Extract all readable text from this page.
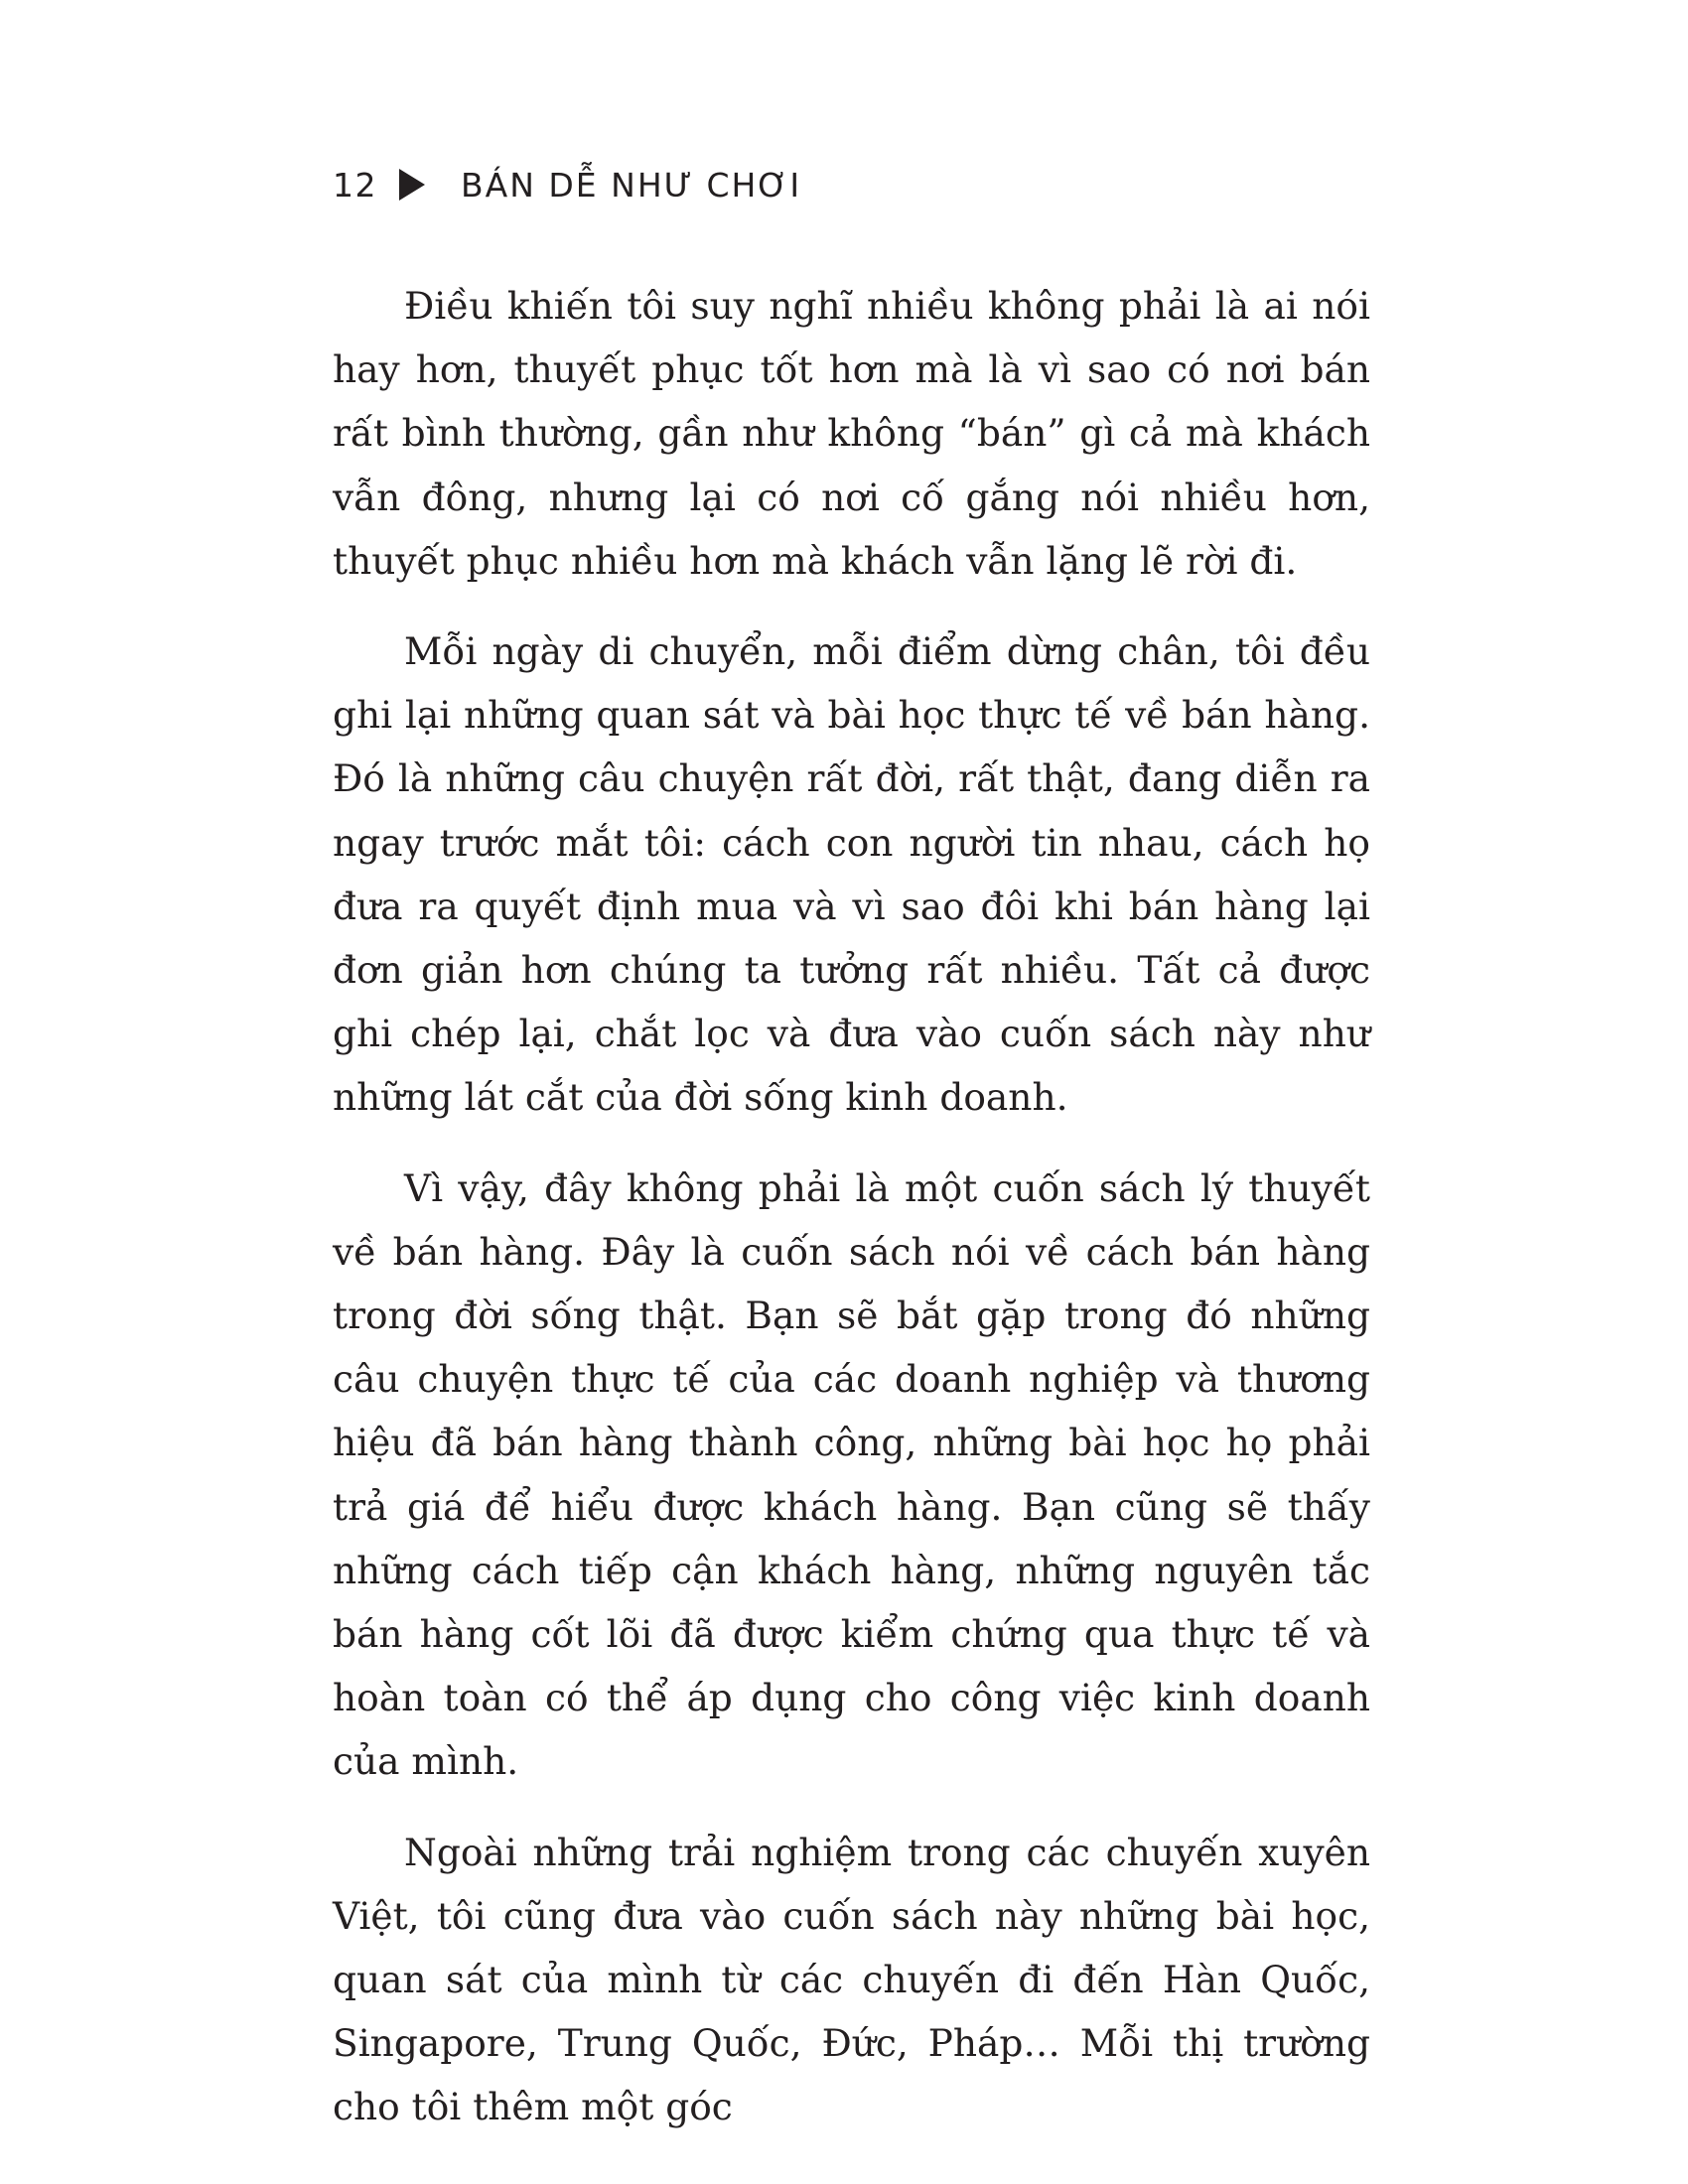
12	BÁN DỄ NHƯ CHƠI

Điều khiến tôi suy nghĩ nhiều không phải là ai nói hay hơn, thuyết phục tốt hơn mà là vì sao có nơi bán rất bình thường, gần như không “bán” gì cả mà khách vẫn đông, nhưng lại có nơi cố gắng nói nhiều hơn, thuyết phục nhiều hơn mà khách vẫn lặng lẽ rời đi.

Mỗi ngày di chuyển, mỗi điểm dừng chân, tôi đều ghi lại những quan sát và bài học thực tế về bán hàng. Đó là những câu chuyện rất đời, rất thật, đang diễn ra ngay trước mắt tôi: cách con người tin nhau, cách họ đưa ra quyết định mua và vì sao đôi khi bán hàng lại đơn giản hơn chúng ta tưởng rất nhiều. Tất cả được ghi chép lại, chắt lọc và đưa vào cuốn sách này như những lát cắt của đời sống kinh doanh.

Vì vậy, đây không phải là một cuốn sách lý thuyết về bán hàng. Đây là cuốn sách nói về cách bán hàng trong đời sống thật. Bạn sẽ bắt gặp trong đó những câu chuyện thực tế của các doanh nghiệp và thương hiệu đã bán hàng thành công, những bài học họ phải trả giá để hiểu được khách hàng. Bạn cũng sẽ thấy những cách tiếp cận khách hàng, những nguyên tắc bán hàng cốt lõi đã được kiểm chứng qua thực tế và hoàn toàn có thể áp dụng cho công việc kinh doanh của mình.

Ngoài những trải nghiệm trong các chuyến xuyên Việt, tôi cũng đưa vào cuốn sách này những bài học, quan sát của mình từ các chuyến đi đến Hàn Quốc, Singapore, Trung Quốc, Đức, Pháp… Mỗi thị trường cho tôi thêm một góc
